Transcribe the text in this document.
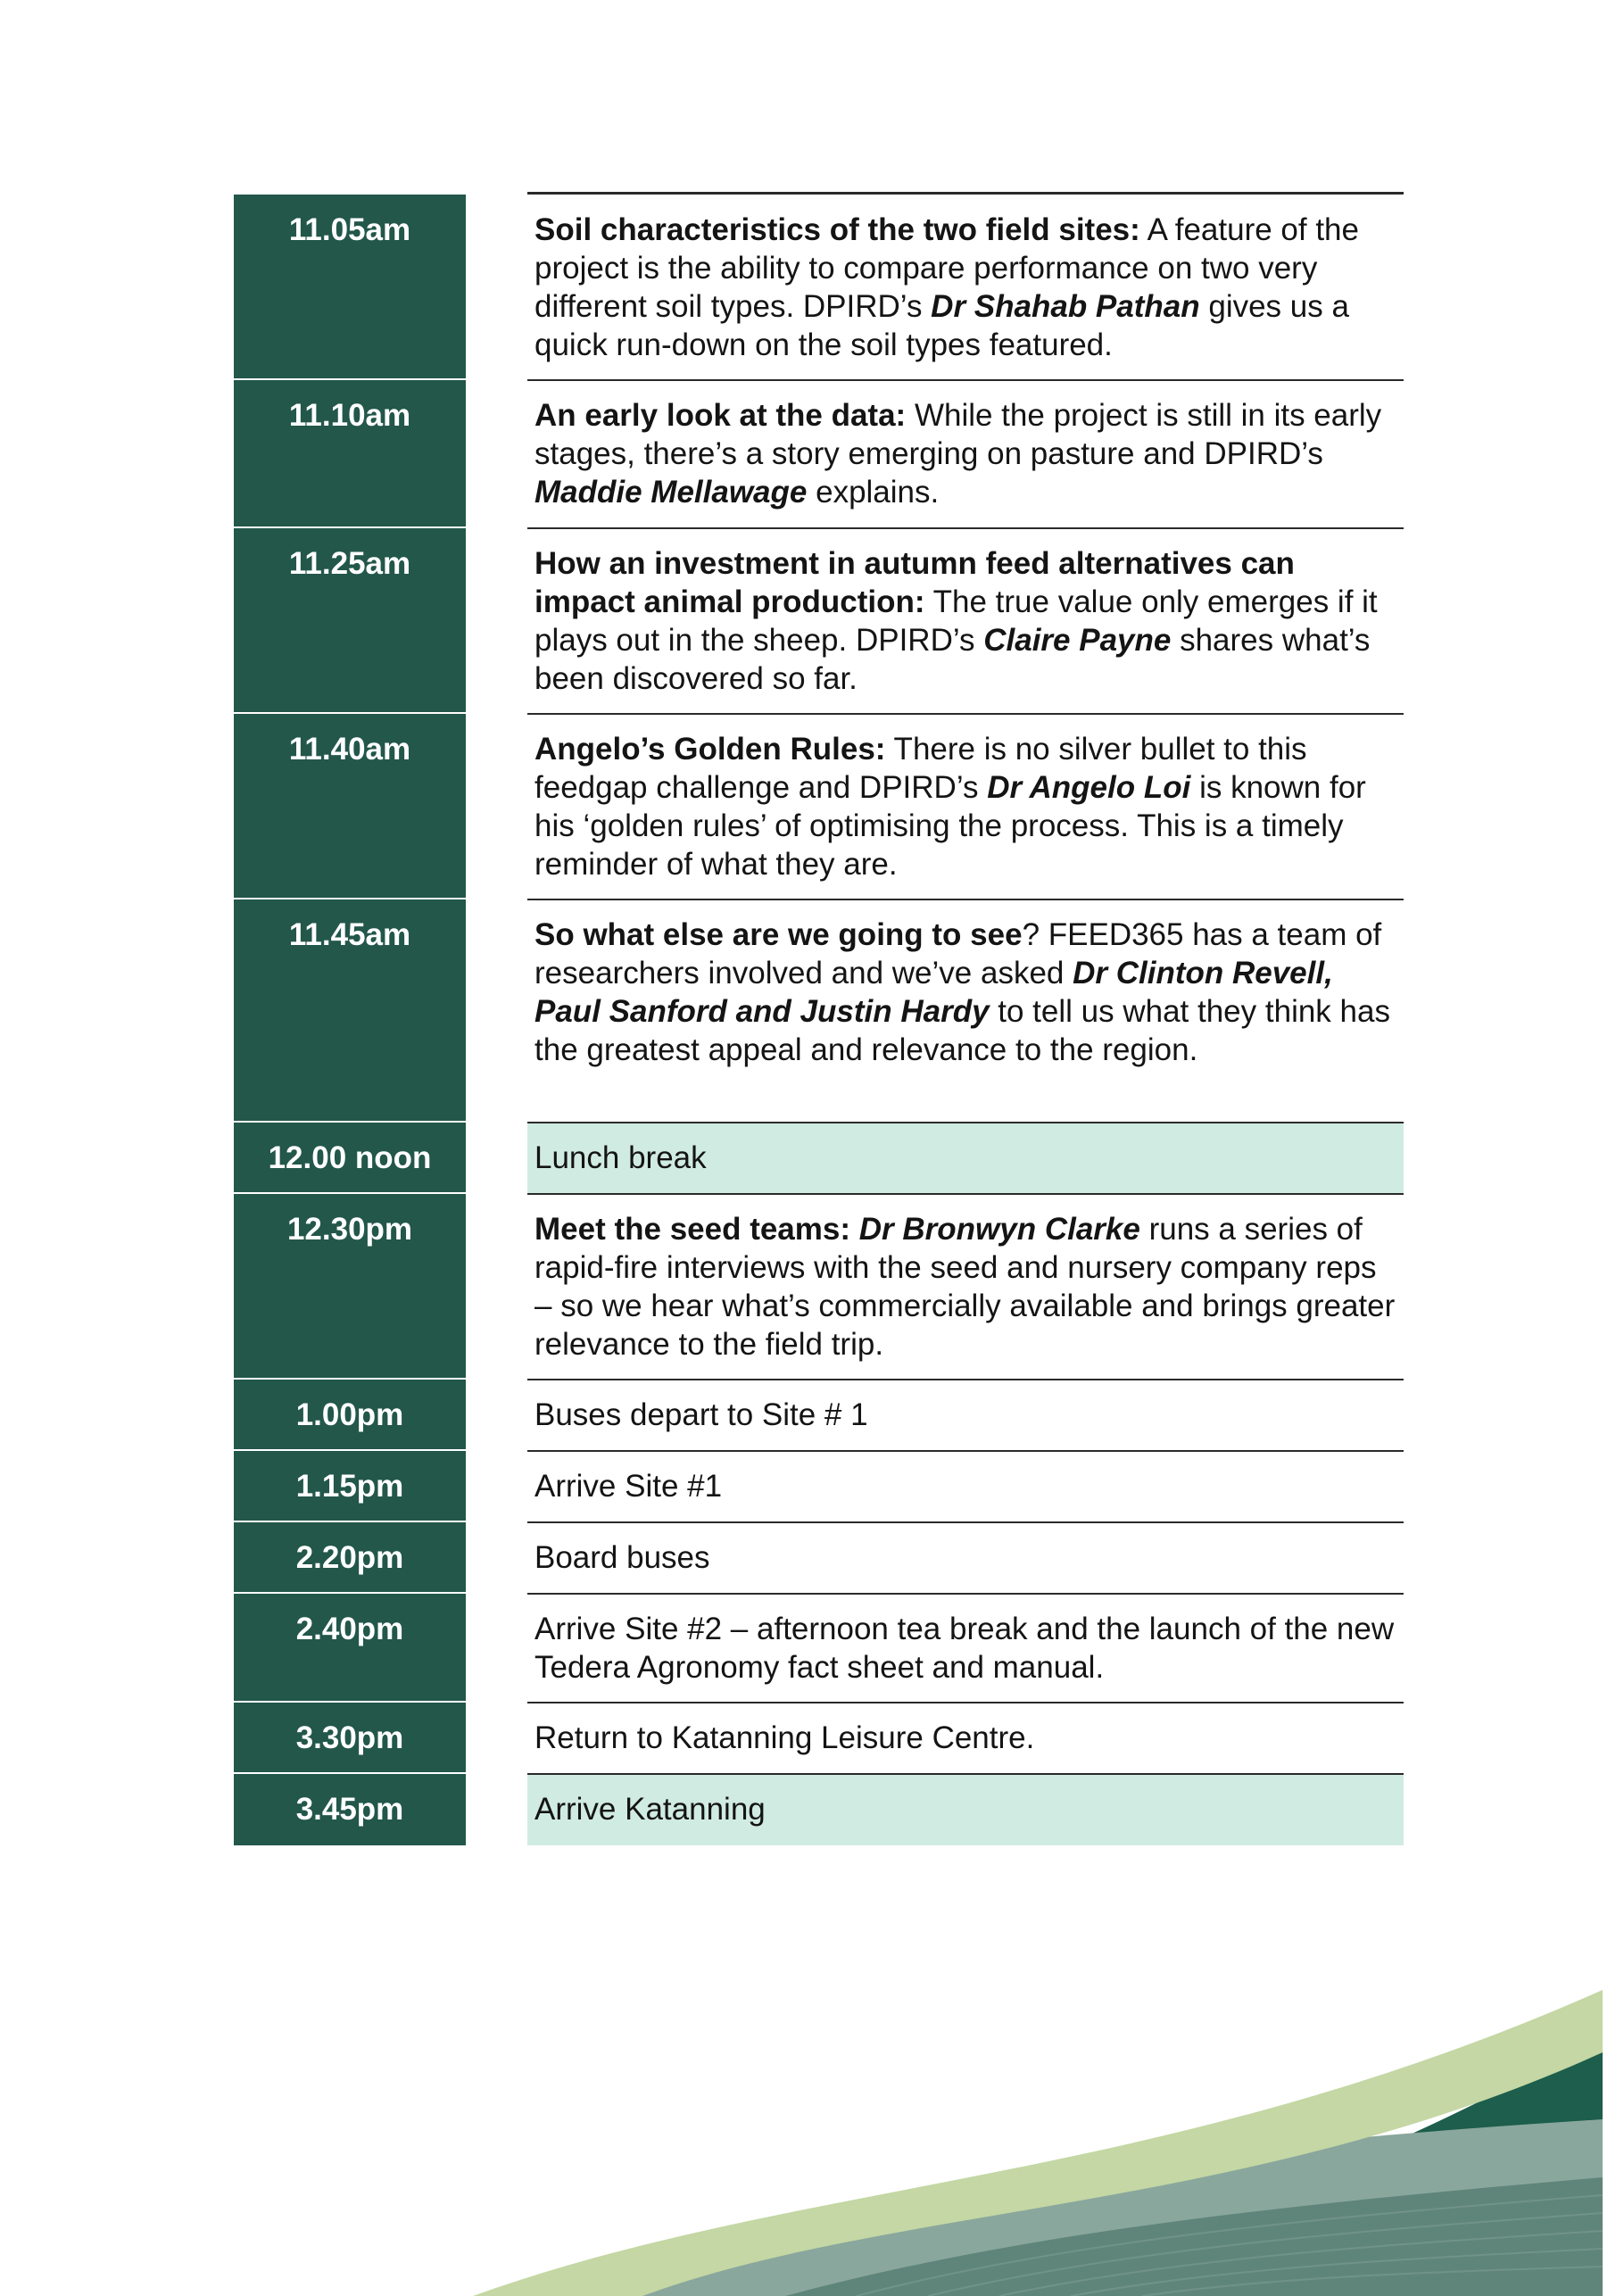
11.05am	Soil characteristics of the two field sites: A feature of the project is the ability to compare performance on two very different soil types. DPIRD’s Dr Shahab Pathan gives us a quick run-down on the soil types featured.
11.10am	An early look at the data: While the project is still in its early stages, there’s a story emerging on pasture and DPIRD’s Maddie Mellawage explains.
11.25am	How an investment in autumn feed alternatives can impact animal production: The true value only emerges if it plays out in the sheep. DPIRD’s Claire Payne shares what’s been discovered so far.
11.40am	Angelo’s Golden Rules: There is no silver bullet to this feedgap challenge and DPIRD’s Dr Angelo Loi is known for his ‘golden rules’ of optimising the process. This is a timely reminder of what they are.
11.45am	So what else are we going to see? FEED365 has a team of researchers involved and we’ve asked Dr Clinton Revell, Paul Sanford and Justin Hardy to tell us what they think has the greatest appeal and relevance to the region.
12.00 noon	Lunch break
12.30pm	Meet the seed teams: Dr Bronwyn Clarke runs a series of rapid-fire interviews with the seed and nursery company reps – so we hear what’s commercially available and brings greater relevance to the field trip.
1.00pm	Buses depart to Site # 1
1.15pm	Arrive Site #1
2.20pm	Board buses
2.40pm	Arrive Site #2 – afternoon tea break and the launch of the new Tedera Agronomy fact sheet and manual.
3.30pm	Return to Katanning Leisure Centre.
3.45pm	Arrive Katanning
